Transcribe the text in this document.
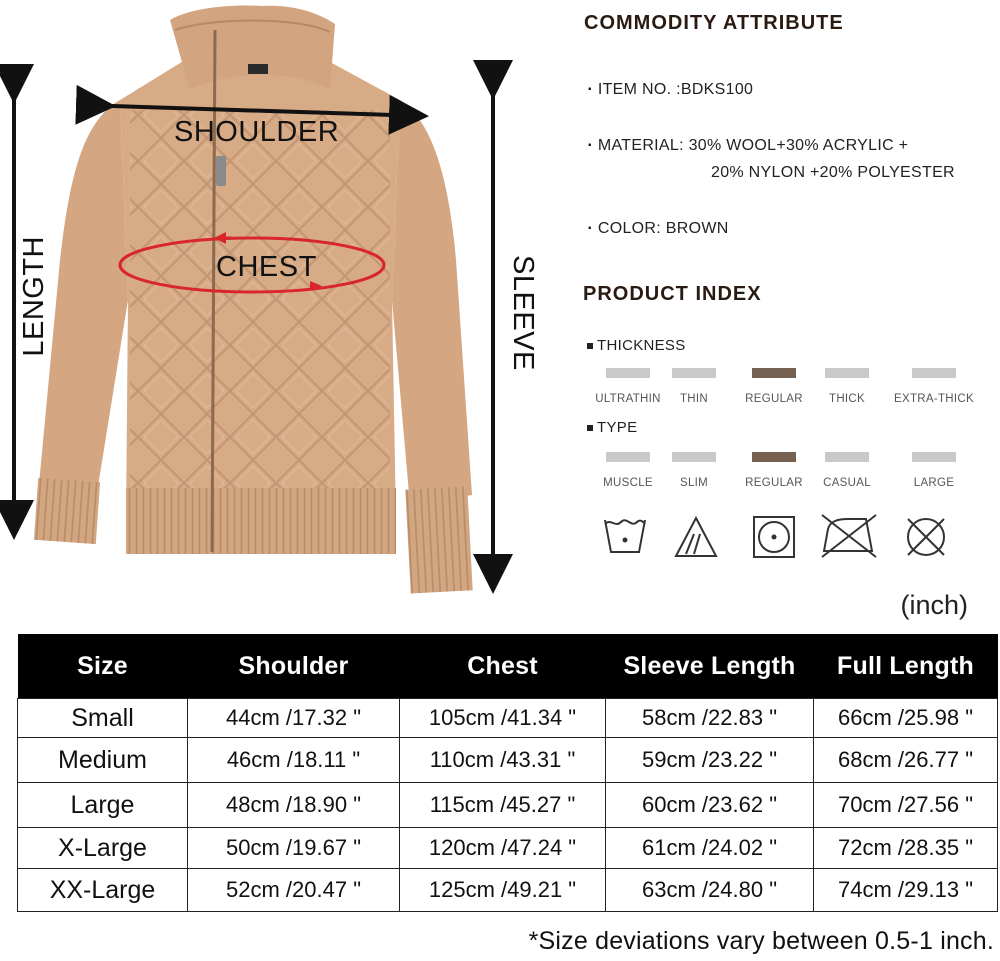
SHOULDER
CHEST
LENGTH	SLEEVE
COMMODITY ATTRIBUTE
▪ ITEM NO. :BDKS100
▪ MATERIAL: 30% WOOL+30% ACRYLIC +
20% NYLON +20% POLYESTER
▪ COLOR: BROWN
PRODUCT INDEX
THICKNESS
ULTRATHIN THIN	REGULAR THICK	EXTRA-THICK
TYPE
MUSCLE SLIM	REGULAR CASUAL	LARGE
(inch)
Size	Shoulder	Chest	Sleeve Length	Full Length
Small	44cm /17.32 "	105cm /41.34 "	58cm /22.83 "	66cm /25.98 "
Medium	46cm /18.11 "	110cm /43.31 "	59cm /23.22 "	68cm /26.77 "
Large	48cm /18.90 "	115cm /45.27 "	60cm /23.62 "	70cm /27.56 "
X-Large	50cm /19.67 "	120cm /47.24 "	61cm /24.02 "	72cm /28.35 "
XX-Large	52cm /20.47 "	125cm /49.21 "	63cm /24.80 "	74cm /29.13 "
*Size deviations vary between 0.5-1 inch.
